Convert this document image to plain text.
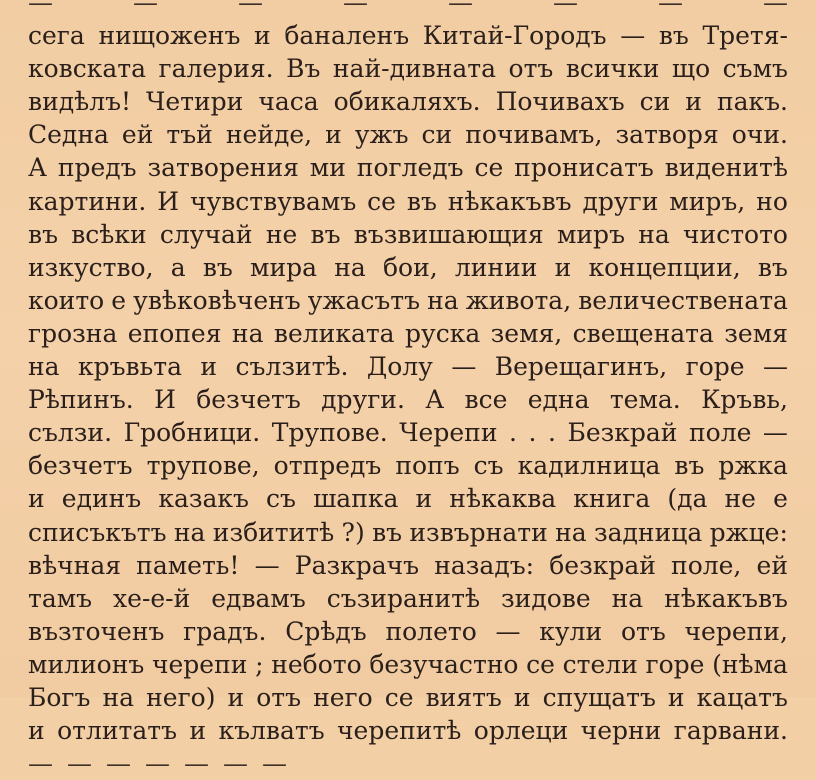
—	—	—	—	—	—	—	—
сега нищоженъ и баналенъ Китай-Городъ — въ Третя-
ковската галерия. Въ най-дивната отъ всички що съмъ
видѣлъ! Четири часа обикаляхъ. Почивахъ си и пакъ.
Седна ей тъй нейде, и ужъ си почивамъ, затворя очи.
А предъ затворения ми погледъ се пронисатъ виденитѣ
картини. И чувствувамъ се въ нѣкакъвъ други миръ, но
въ всѣки случай не въ възвишающия миръ на чистото
изкуство, а въ мира на бои, линии и концепции, въ
които е увѣковѣченъ ужасътъ на живота, величествената
грозна епопея на великата руска земя, свещената земя
на кръвьта и сълзитѣ. Долу — Верещагинъ, горе —
Рѣпинъ. И безчетъ други. А все една тема. Кръвь,
сълзи. Гробници. Трупове. Черепи . . . Безкрай поле —
безчетъ трупове, отпредъ попъ съ кадилница въ ржка
и единъ казакъ съ шапка и нѣкаква книга (да не е
списъкътъ на избититѣ ?) въ извърнати на задница ржце:
вѣчная паметь! — Разкрачъ назадъ: безкрай поле, ей
тамъ хе-е-й едвамъ съзиранитѣ зидове на нѣкакъвъ
възточенъ градъ. Срѣдъ полето — кули отъ черепи,
милионъ черепи ; небото безучастно се стели горе (нѣма
Богъ на него) и отъ него се виятъ и спущатъ и кацатъ
и отлитатъ и кълватъ черепитѣ орлеци черни гарвани.
— — — — — — —
